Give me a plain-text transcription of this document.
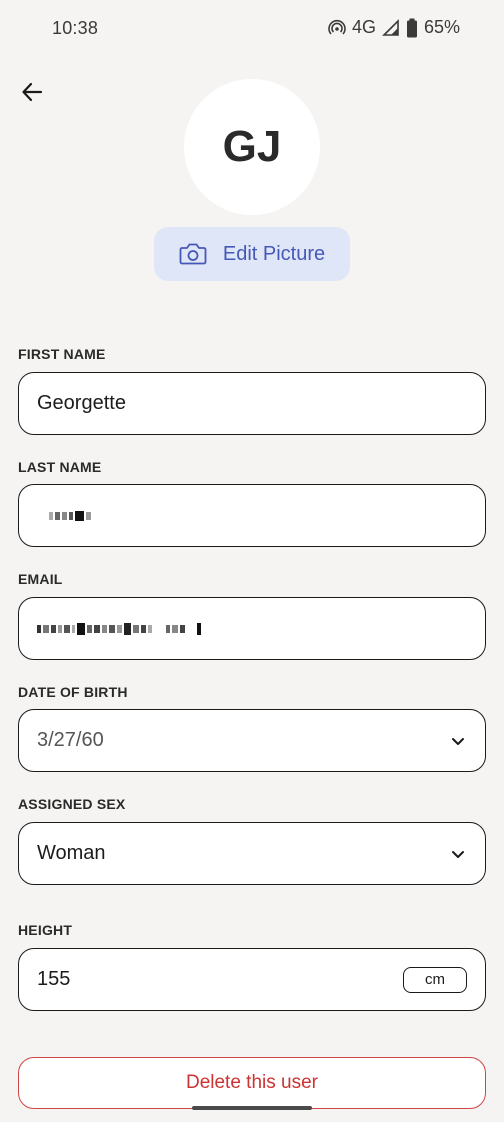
10:38	4G	65%
GJ
Edit Picture
FIRST NAME
Georgette
LAST NAME
EMAIL
DATE OF BIRTH
3/27/60
ASSIGNED SEX
Woman
HEIGHT
155	cm
Delete this user
